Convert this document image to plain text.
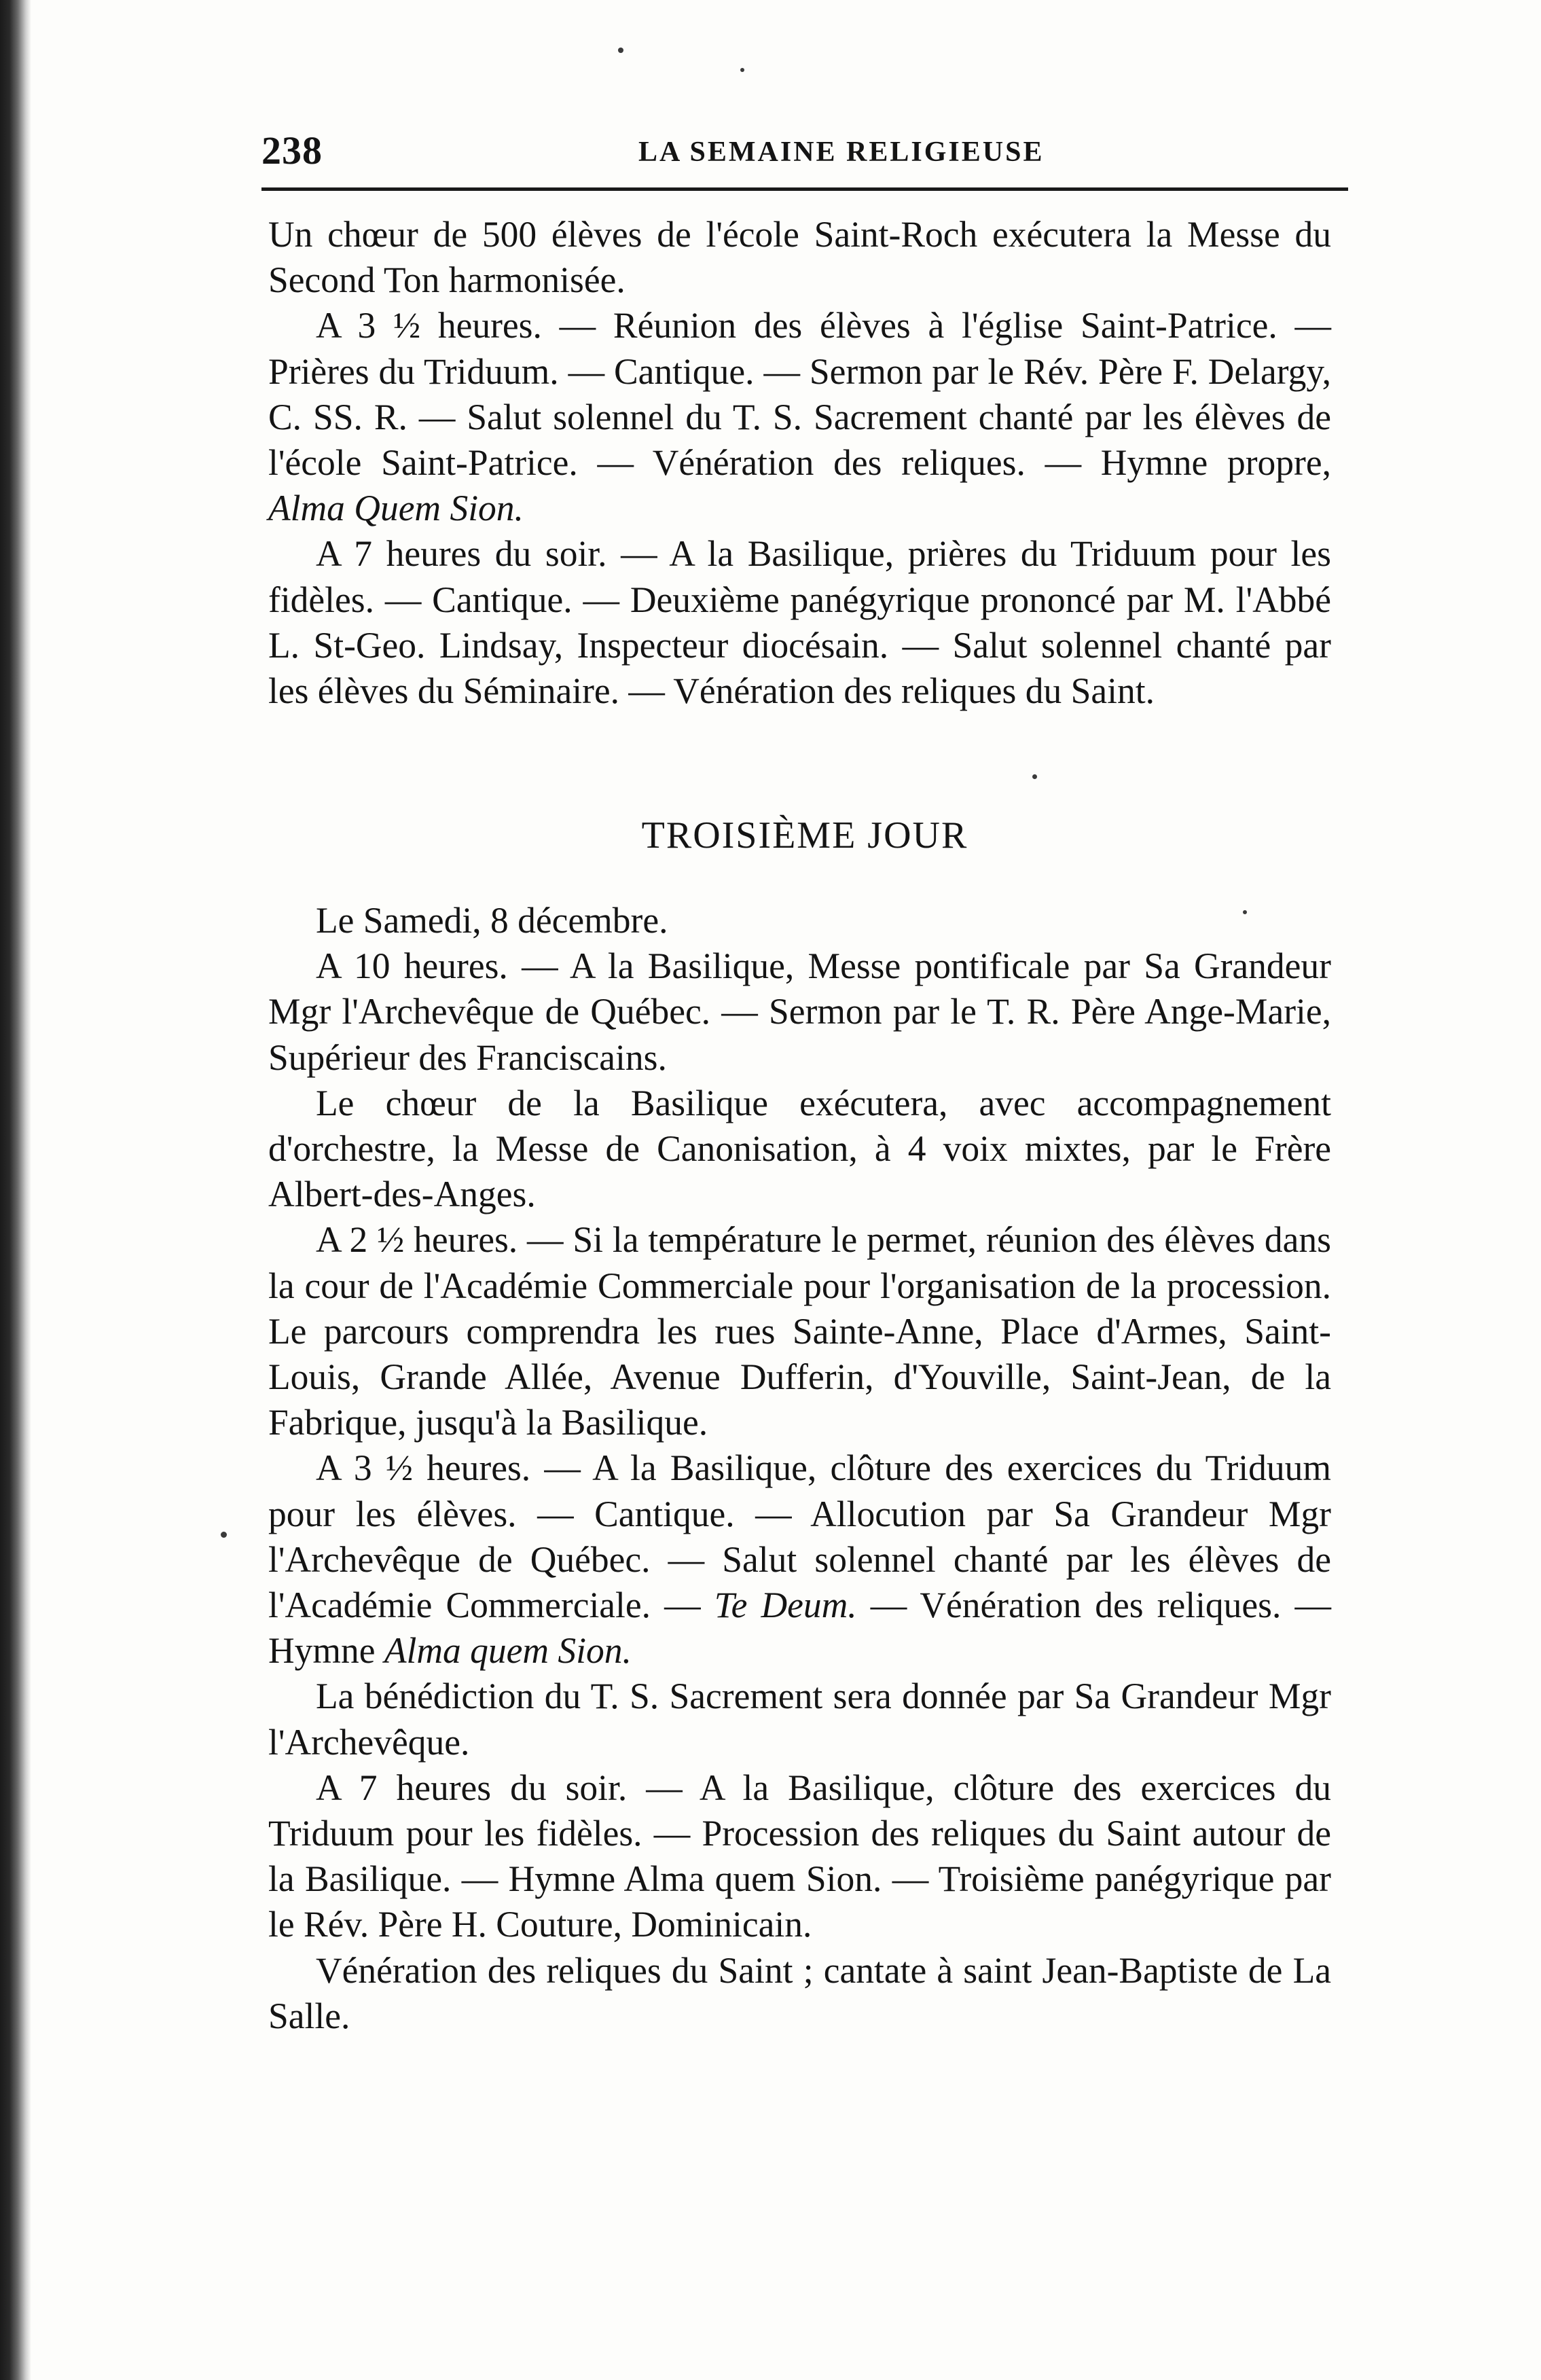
238	LA SEMAINE RELIGIEUSE

Un chœur de 500 élèves de l'école Saint-Roch exécutera la Messe du Second Ton harmonisée.

A 3 ½ heures. — Réunion des élèves à l'église Saint-Patrice. — Prières du Triduum. — Cantique. — Sermon par le Rév. Père F. Delargy, C. SS. R. — Salut solennel du T. S. Sacrement chanté par les élèves de l'école Saint-Patrice. — Vénération des reliques. — Hymne propre, Alma Quem Sion.

A 7 heures du soir. — A la Basilique, prières du Triduum pour les fidèles. — Cantique. — Deuxième panégyrique prononcé par M. l'Abbé L. St-Geo. Lindsay, Inspecteur diocésain. — Salut solennel chanté par les élèves du Séminaire. — Vénération des reliques du Saint.

TROISIÈME JOUR

Le Samedi, 8 décembre.

A 10 heures. — A la Basilique, Messe pontificale par Sa Grandeur Mgr l'Archevêque de Québec. — Sermon par le T. R. Père Ange-Marie, Supérieur des Franciscains.

Le chœur de la Basilique exécutera, avec accompagnement d'orchestre, la Messe de Canonisation, à 4 voix mixtes, par le Frère Albert-des-Anges.

A 2 ½ heures. — Si la température le permet, réunion des élèves dans la cour de l'Académie Commerciale pour l'organisation de la procession. Le parcours comprendra les rues Sainte-Anne, Place d'Armes, Saint-Louis, Grande Allée, Avenue Dufferin, d'Youville, Saint-Jean, de la Fabrique, jusqu'à la Basilique.

A 3 ½ heures. — A la Basilique, clôture des exercices du Triduum pour les élèves. — Cantique. — Allocution par Sa Grandeur Mgr l'Archevêque de Québec. — Salut solennel chanté par les élèves de l'Académie Commerciale. — Te Deum. — Vénération des reliques. — Hymne Alma quem Sion.

La bénédiction du T. S. Sacrement sera donnée par Sa Grandeur Mgr l'Archevêque.

A 7 heures du soir. — A la Basilique, clôture des exercices du Triduum pour les fidèles. — Procession des reliques du Saint autour de la Basilique. — Hymne Alma quem Sion. — Troisième panégyrique par le Rév. Père H. Couture, Dominicain.

Vénération des reliques du Saint ; cantate à saint Jean-Baptiste de La Salle.
